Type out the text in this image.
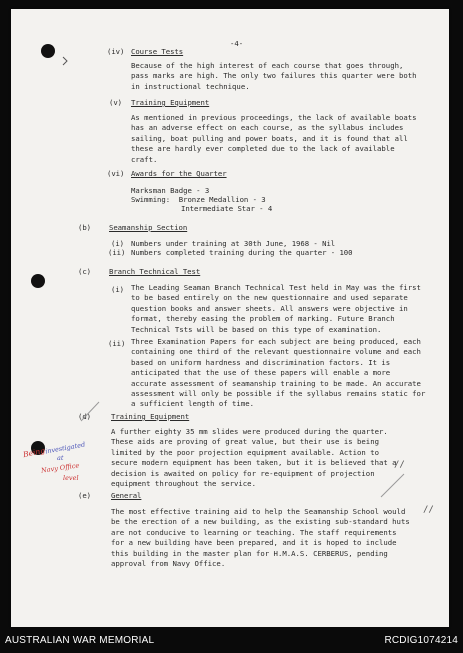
-4-
(iv) Course Tests
Because of the high interest of each course that goes through, pass marks are high. The only two failures this quarter were both in instructional technique.
(v) Training Equipment
As mentioned in previous proceedings, the lack of available boats has an adverse effect on each course, as the syllabus includes sailing, boat pulling and power boats, and it is found that all these are hardly ever completed due to the lack of available craft.
(vi) Awards for the Quarter
Marksman Badge - 3
Swimming:  Bronze Medallion - 3
Intermediate Star - 4
(b) Seamanship Section
(i) Numbers under training at 30th June, 1968 - Nil
(ii) Numbers completed training during the quarter - 100
(c) Branch Technical Test
(i) The Leading Seaman Branch Technical Test held in May was the first to be based entirely on the new questionnaire and used separate question books and answer sheets. All answers were objective in format, thereby easing the problem of marking. Future Branch Technical Tsts will be based on this type of examination.
(ii) Three Examination Papers for each subject are being produced, each containing one third of the relevant questionnaire volume and each based on uniform hardness and discrimination factors. It is anticipated that the use of these papers will enable a more accurate assessment of seamanship training to be made. An accurate assessment will only be possible if the syllabus remains static for a sufficient length of time.
(d)	Training Equipment
A further eighty 35 mm slides were produced during the quarter. These aids are proving of great value, but their use is being limited by the poor projection equipment available. Action to secure modern equipment has been taken, but it is believed that a decision is awaited on policy for re-equipment of projection equipment throughout the service.
(e)	General
The most effective training aid to help the Seamanship School would be the erection of a new building, as the existing sub-standard huts are not conducive to learning or teaching. The staff requirements for a new building have been prepared, and it is hoped to include this building in the master plan for H.M.A.S. CERBERUS, pending approval from Navy Office.
Being
investigated
at
Navy Office
level
//
//
AUSTRALIAN WAR MEMORIAL	RCDIG1074214
